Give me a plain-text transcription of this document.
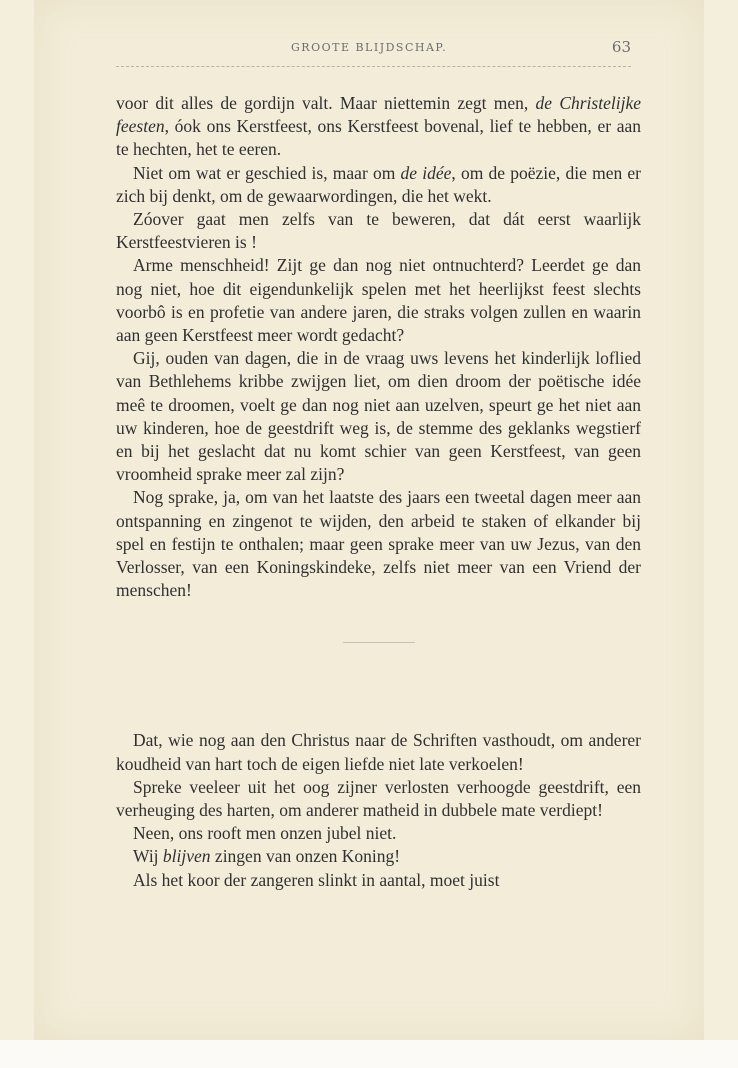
GROOTE BLIJDSCHAP.	63

voor dit alles de gordijn valt. Maar niettemin zegt men, de Christelijke feesten, óok ons Kerstfeest, ons Kerstfeest bovenal, lief te hebben, er aan te hechten, het te eeren.

Niet om wat er geschied is, maar om de idée, om de poëzie, die men er zich bij denkt, om de gewaarwordingen, die het wekt.

Zóover gaat men zelfs van te beweren, dat dát eerst waarlijk Kerstfeestvieren is !

Arme menschheid! Zijt ge dan nog niet ontnuchterd? Leerdet ge dan nog niet, hoe dit eigendunkelijk spelen met het heerlijkst feest slechts voorbô is en profetie van andere jaren, die straks volgen zullen en waarin aan geen Kerstfeest meer wordt gedacht?

Gij, ouden van dagen, die in de vraag uws levens het kinderlijk loflied van Bethlehems kribbe zwijgen liet, om dien droom der poëtische idée meê te droomen, voelt ge dan nog niet aan uzelven, speurt ge het niet aan uw kinderen, hoe de geestdrift weg is, de stemme des geklanks wegstierf en bij het geslacht dat nu komt schier van geen Kerstfeest, van geen vroomheid sprake meer zal zijn?

Nog sprake, ja, om van het laatste des jaars een tweetal dagen meer aan ontspanning en zingenot te wijden, den arbeid te staken of elkander bij spel en festijn te onthalen; maar geen sprake meer van uw Jezus, van den Verlosser, van een Koningskindeke, zelfs niet meer van een Vriend der menschen!

Dat, wie nog aan den Christus naar de Schriften vasthoudt, om anderer koudheid van hart toch de eigen liefde niet late verkoelen!

Spreke veeleer uit het oog zijner verlosten verhoogde geestdrift, een verheuging des harten, om anderer matheid in dubbele mate verdiept!

Neen, ons rooft men onzen jubel niet.

Wij blijven zingen van onzen Koning!

Als het koor der zangeren slinkt in aantal, moet juist
